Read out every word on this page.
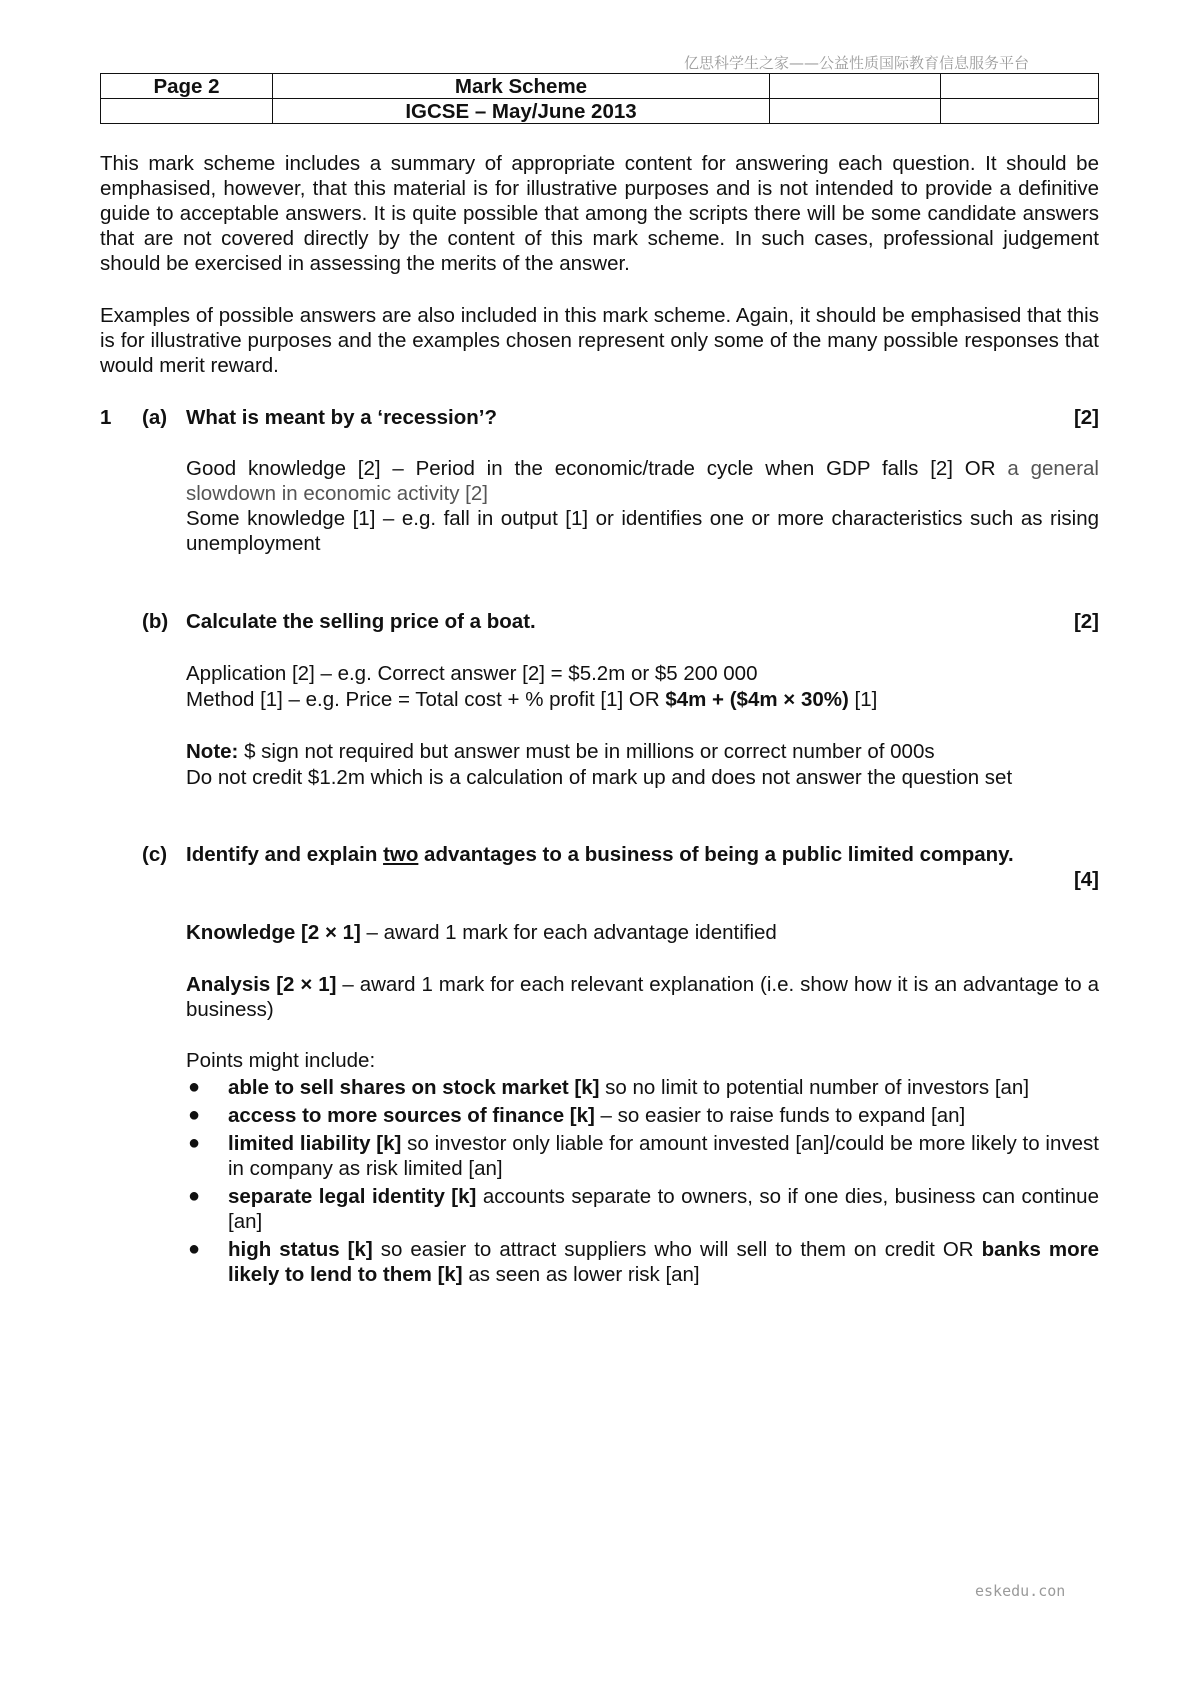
亿思科学生之家——公益性质国际教育信息服务平台
Page 2	Mark Scheme		
	IGCSE – May/June 2013		
This mark scheme includes a summary of appropriate content for answering each question. It should be emphasised, however, that this material is for illustrative purposes and is not intended to provide a definitive guide to acceptable answers. It is quite possible that among the scripts there will be some candidate answers that are not covered directly by the content of this mark scheme. In such cases, professional judgement should be exercised in assessing the merits of the answer.
Examples of possible answers are also included in this mark scheme. Again, it should be emphasised that this is for illustrative purposes and the examples chosen represent only some of the many possible responses that would merit reward.
1 (a) What is meant by a ‘recession’?	[2]
Good knowledge [2] – Period in the economic/trade cycle when GDP falls [2] OR a general slowdown in economic activity [2]
Some knowledge [1] – e.g. fall in output [1] or identifies one or more characteristics such as rising unemployment
(b) Calculate the selling price of a boat.	[2]
Application [2] – e.g. Correct answer [2] = $5.2m or $5 200 000
Method [1] – e.g. Price = Total cost + % profit [1] OR $4m + ($4m × 30%) [1]
Note: $ sign not required but answer must be in millions or correct number of 000s
Do not credit $1.2m which is a calculation of mark up and does not answer the question set
(c) Identify and explain two advantages to a business of being a public limited company.
[4]
Knowledge [2 × 1] – award 1 mark for each advantage identified
Analysis [2 × 1] – award 1 mark for each relevant explanation (i.e. show how it is an advantage to a business)
Points might include:
● able to sell shares on stock market [k] so no limit to potential number of investors [an]
● access to more sources of finance [k] – so easier to raise funds to expand [an]
● limited liability [k] so investor only liable for amount invested [an]/could be more likely to invest in company as risk limited [an]
● separate legal identity [k] accounts separate to owners, so if one dies, business can continue [an]
● high status [k] so easier to attract suppliers who will sell to them on credit OR banks more likely to lend to them [k] as seen as lower risk [an]
eskedu.con
